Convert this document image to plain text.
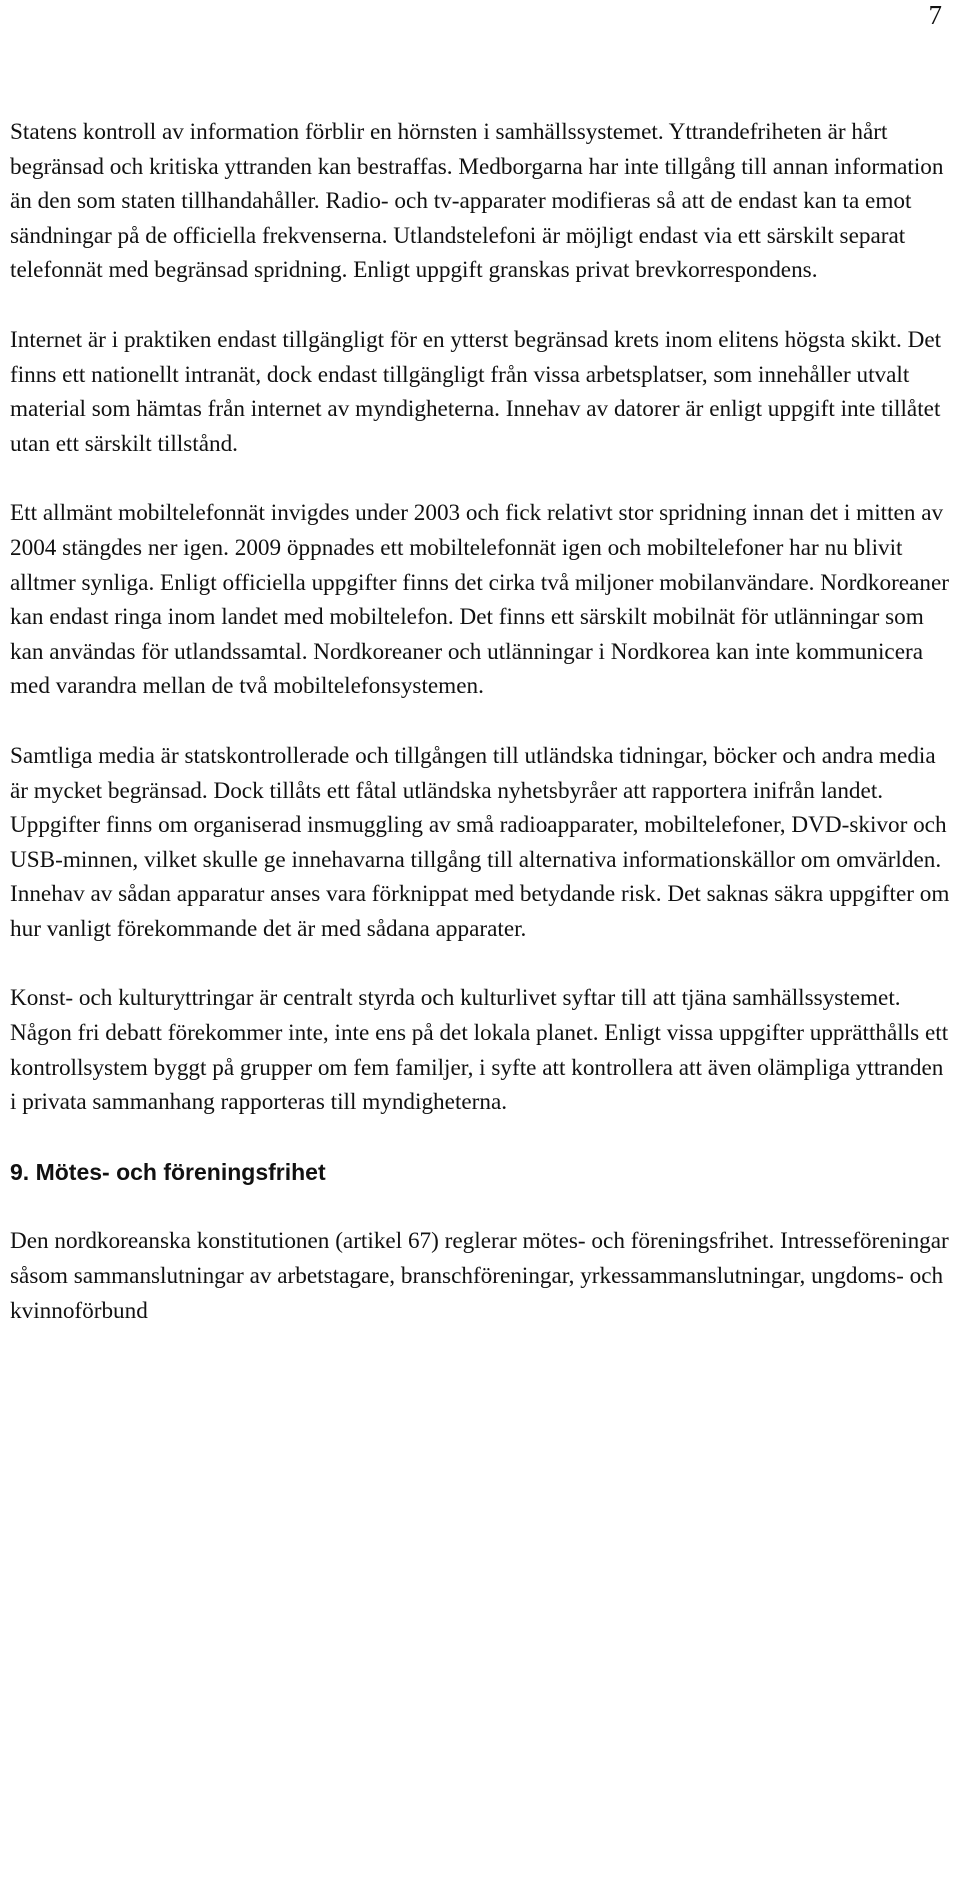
7

Statens kontroll av information förblir en hörnsten i samhällssystemet. Yttrandefriheten är hårt begränsad och kritiska yttranden kan bestraffas. Medborgarna har inte tillgång till annan information än den som staten tillhandahåller. Radio- och tv-apparater modifieras så att de endast kan ta emot sändningar på de officiella frekvenserna. Utlandstelefoni är möjligt endast via ett särskilt separat telefonnät med begränsad spridning. Enligt uppgift granskas privat brevkorrespondens.

Internet är i praktiken endast tillgängligt för en ytterst begränsad krets inom elitens högsta skikt. Det finns ett nationellt intranät, dock endast tillgängligt från vissa arbetsplatser, som innehåller utvalt material som hämtas från internet av myndigheterna. Innehav av datorer är enligt uppgift inte tillåtet utan ett särskilt tillstånd.

Ett allmänt mobiltelefonnät invigdes under 2003 och fick relativt stor spridning innan det i mitten av 2004 stängdes ner igen. 2009 öppnades ett mobiltelefonnät igen och mobiltelefoner har nu blivit alltmer synliga. Enligt officiella uppgifter finns det cirka två miljoner mobilanvändare. Nordkoreaner kan endast ringa inom landet med mobiltelefon. Det finns ett särskilt mobilnät för utlänningar som kan användas för utlandssamtal. Nordkoreaner och utlänningar i Nordkorea kan inte kommunicera med varandra mellan de två mobiltelefonsystemen.

Samtliga media är statskontrollerade och tillgången till utländska tidningar, böcker och andra media är mycket begränsad. Dock tillåts ett fåtal utländska nyhetsbyråer att rapportera inifrån landet. Uppgifter finns om organiserad insmuggling av små radioapparater, mobiltelefoner, DVD-skivor och USB-minnen, vilket skulle ge innehavarna tillgång till alternativa informationskällor om omvärlden. Innehav av sådan apparatur anses vara förknippat med betydande risk. Det saknas säkra uppgifter om hur vanligt förekommande det är med sådana apparater.

Konst- och kulturyttringar är centralt styrda och kulturlivet syftar till att tjäna samhällssystemet. Någon fri debatt förekommer inte, inte ens på det lokala planet. Enligt vissa uppgifter upprätthålls ett kontrollsystem byggt på grupper om fem familjer, i syfte att kontrollera att även olämpliga yttranden i privata sammanhang rapporteras till myndigheterna.

9. Mötes- och föreningsfrihet

Den nordkoreanska konstitutionen (artikel 67) reglerar mötes- och föreningsfrihet. Intresseföreningar såsom sammanslutningar av arbetstagare, branschföreningar, yrkessammanslutningar, ungdoms- och kvinnoförbund
